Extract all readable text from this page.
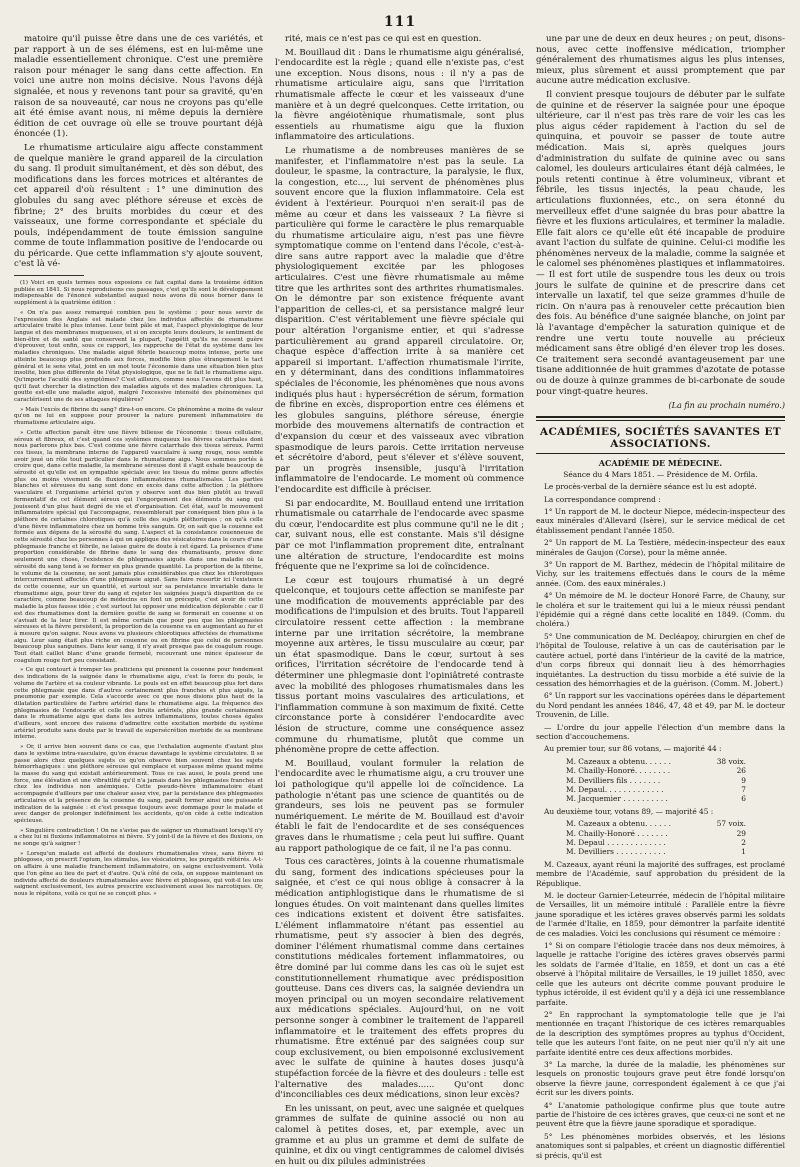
111

matoire qu'il puisse être dans une de ces variétés, et par rapport à un de ses élémens, est en lui-même une maladie essentiellement chronique. C'est une première raison pour ménager le sang dans cette affection. En voici une autre non moins décisive. Nous l'avons déjà signalée, et nous y revenons tant pour sa gravité, qu'en raison de sa nouveauté, car nous ne croyons pas qu'elle ait été émise avant nous, ni même depuis la dernière édition de cet ouvrage où elle se trouve pourtant déjà énoncée (1).

Le rhumatisme articulaire aigu affecte constamment de quelque manière le grand appareil de la circulation du sang. Il produit simultanément, et dès son début, des modifications dans les forces motrices et altérantes de cet appareil d'où résultent : 1° une diminution des globules du sang avec pléthore séreuse et excès de fibrine; 2° des bruits morbides du cœur et des vaisseaux, une forme correspondante et spéciale du pouls, indépendamment de toute émission sanguine comme de toute inflammation positive de l'endocarde ou du péricarde. Que cette inflammation s'y ajoute souvent, c'est là vé-

(1) Voici en quels termes nous exposions ce fait capital dans la troisième édition publiée en 1841. Si nous reproduisons ces passages, c'est qu'ils sont le développement indispensable de l'énoncé substantiel auquel nous avons dû nous borner dans le supplément à la quatrième édition :

« On n'a pas assez remarqué combien peu le système ; pour nous servir de l'expression des Anglais est malade chez les individus affectés de rhumatisme articulaire traité le plus intense. Leur teint pâle et mat, l'aspect physiologique de leur langue et des membranes muqueuses, et si on excepte leurs douleurs, le sentiment de bien-être et de santé que conservent la plupart, l'appétit qu'ils ne cessent guère d'éprouver, tout enfin, sous ce rapport, les rapproche de l'état du système dans les maladies chroniques. Une maladie aiguë fébrile beaucoup moins intense, porte une atteinte beaucoup plus profonde aux forces, modifie bien plus étrangement le tact général et le sens vital, joint en un mot toute l'économie dans une situation bien plus insolite, bien plus différente de l'état physiologique, que ne le fait le rhumatisme aigu. Qu'importe l'acuité des symptômes? C'est ailleurs, comme nous l'avons dit plus haut, qu'il faut chercher la distinction des maladies aiguës et des maladies chroniques. La goutte est-elle une maladie aiguë, malgré l'excessive intensité des phénomènes qui caractérisent une de ses attaques régulières?

» Mais l'excès de fibrine du sang? dira-t-on encore. Ce phénomène a moins de valeur qu'on ne lui en suppose pour prouver la nature purement inflammatoire du rhumatisme articulaire aigu.

» Cette affection paraît être une fièvre bilieuse de l'économie : tissus cellulaire, séreux et fibreux, et c'est quand ces systèmes muqueux les fièvres catarrhales dont nous parlerons plus bas. C'est comme une fièvre catarrhale des tissus séreux. Parmi ces tissus, la membrane interne de l'appareil vasculaire à sang rouge, nous semble avoir joué un rôle tout particulier dans le rhumatisme aigu. Nous sommes portés à croire que, dans cette maladie, la membrane séreuse dont il s'agit exhale beaucoup de sérosité et qu'elle est en sympathie spéciale avec les tissus du même genre affectés plus ou moins vivement de fluxions inflammatoires rhumatismales. Les parties blanches et séreuses du sang sont donc en excès dans cette affection ; la pléthore vasculaire et l'organisme artériel qu'on y observe sont dus bien plutôt au travail fermentatif de cet élément séreux qui l'engorgement des éléments du sang qui jouissent d'un plus haut degré de vie et d'organisation. Cet état, sauf le mouvement inflammatoire spécial qui l'accompagne, ressemblerait par conséquent bien plus à la pléthore de certaines chlorotiques qu'à celle des sujets pléthoriques ; on qu'à celle d'une fièvre inflammatoire chez un homme très sanguin. Or, on sait que la couenne est formée aux dépens de la sérosité du sang. L'aspect et la consistance couenneuse de cette sérosité chez les personnes à qui on applique des vésicatoires dans le cours d'une phlegmasie franche et fébrile, ne laisse guère de doute à cet égard. La présence d'une proportion considérable de fibrine dans le sang des rhumatisants, prouve donc seulement une chose, l'existence de phlegmasies aiguës dans une maladie où la sérosité du sang tend à se former en plus grande quantité. La proportion de la fibrine, le volume de la couenne, ne sont jamais plus considérables que chez les chlorotiques intercurremment affectés d'une phlegmasie aiguë. Sans faire ressortir ici l'existence de cette couenne, sur un quantité, et surtout sur sa persistance invariable dans le rhumatisme aigu, pour tirer du sang et rejeter les saignées jusqu'à disparition de ce caractère, comme beaucoup de médecins en font un précepte, c'est avoir de cette maladie la plus fausse idée ; c'est surtout lui opposer une médication déplorable : car il est des rhumatismes dont la dernière goutte de sang se formerait en couenne si on s'avisait de la leur tirer. Il est même certain que pour peu que les phlegmasies séreuses et la fièvre persistent, la proportion de la couenne va en augmentant au fur et à mesure qu'on saigne. Nous avons vu plusieurs chlorotiques affectées de rhumatisme aigu. Leur sang était plus riche en couenne ou en fibrine que celui de personnes beaucoup plus sanguines. Dans leur sang, il n'y avait presque pas de coagulum rouge. Tout était caillot blanc d'une grande fermeté, recouvrant une mince épaisseur de coagulum rouge fort peu consistant.

» Ce qui contourt à tromper les praticiens qui prennent la couenne pour fondement des indications de la saignée dans le rhumatisme aigu, c'est la force du pouls, le volume de l'artère et sa couleur vibrante. Le pouls est en effet beaucoup plus fort dans cette phlegmasie que dans d'autres certainement plus franches et plus aiguës, la pneumonie par exemple. Cela s'accorde avec ce que nous disions plus haut de la dilatation particulière de l'arbre artériel dans le rhumatisme aigu. La fréquence des phlegmasies de l'endocarde et celle des bruits artériels, plus grande certainement dans le rhumatisme aigu que dans les autres inflammations, toutes choses égales d'ailleurs, sont encore des raisons d'admettre cette excitation morbide du système artériel produite sans doute par le travail de supersécrétion morbide de sa membrane interne.

» Or, il arrive bien souvent dans ce cas, que l'exhalation augmente d'autant plus dans le système intra-vasculaire, qu'on évacue davantage le système circulatoire. Il se passe alors chez quelques sujets ce qu'on observe bien souvent chez les sujets hémorrhagiques : une pléthore séreuse qui remplace et surpasse même quand même la masse du sang qui existait antérieurement. Tous ce cas aussi, le pouls prend une force, une élévation et une vibratilité qu'il n'a jamais dans les phlegmasies franches et chez les individus non anémiques. Cette pseudo-fièvre inflammatoire étant accompagnée d'ailleurs par une chaleur assez vive, par la persistance des phlegmasies articulaires et la présence de la couenne du sang, paraît former ainsi une puissante indication de la saignée : et c'est presque toujours avec dommage pour le malade et avec danger de prolonger indéfiniment les accidents, qu'on cède à cette indication spécieuse.

» Singulière contradiction ! On ne s'avise pas de saigner un rhumatisant lorsqu'il n'y a chez lui ni fluxions inflammatoires ni fièvre. S'y joint-il de la fièvre et des fluxions, on ne songe qu'à saigner !

» Lorsqu'un malade est affecté de douleurs rhumatismales vives, sans fièvre ni phlogoses, on prescrit l'opium, les stimulus, les vésicatoires, les purgatifs réitérés. A-t-on affaire à une maladie franchement inflammatoire, on saigne exclusivement. Voilà que l'on gêne au lieu de part et d'autre. Qu'à côté de cela, on suppose maintenant un individu affecté de douleurs rhumatismales avec fièvre et phlogoses, qui voit-il les uns saignent exclusivement, les autres prescrire exclusivement aussi les narcotiques. Or, nous le répétons, voilà ce qui ne se conçoit plus. »

rité, mais ce n'est pas ce qui est en question.

M. Bouillaud dit : Dans le rhumatisme aigu généralisé, l'endocardite est la règle ; quand elle n'existe pas, c'est une exception. Nous disons, nous : il n'y a pas de rhumatisme articulaire aigu, sans que l'irritation rhumatismale affecte le cœur et les vaisseaux d'une manière et à un degré quelconques. Cette irritation, ou la fièvre angéiotènique rhumatismale, sont plus essentiels au rhumatisme aigu que la fluxion inflammatoire des articulations.

Le rhumatisme a de nombreuses manières de se manifester, et l'inflammatoire n'est pas la seule. La douleur, le spasme, la contracture, la paralysie, le flux, la congestion, etc..., lui servent de phénomènes plus souvent encore que la fluxion inflammatoire. Cela est évident à l'extérieur. Pourquoi n'en serait-il pas de même au cœur et dans les vaisseaux ? La fièvre si particulière qui forme le caractère le plus remarquable du rhumatisme articulaire aigu, n'est pas une fièvre symptomatique comme on l'entend dans l'école, c'est-à-dire sans autre rapport avec la maladie que d'être physiologiquement excitée par les phlogoses articulaires. C'est une fièvre rhumatismale au même titre que les arthrites sont des arthrites rhumatismales. On le démontre par son existence fréquente avant l'apparition de celles-ci, et sa persistance malgré leur disparition. C'est véritablement une fièvre spéciale qui pour altération l'organisme entier, et qui s'adresse particulièrement au grand appareil circulatoire. Or, chaque espèce d'affection irrite à sa manière cet appareil si important. L'affection rhumatismale l'irrite, en y déterminant, dans des conditions inflammatoires spéciales de l'économie, les phénomènes que nous avons indiqués plus haut : hypersécrétion de sérum, formation de fibrine en excès, disproportion entre ces élémens et les globules sanguins, pléthore séreuse, énergie morbide des mouvemens alternatifs de contraction et d'expansion du cœur et des vaisseaux avec vibration spasmodique de leurs parois. Cette irritation nerveuse et sécrétoire d'abord, peut s'élever et s'élève souvent, par un progrès insensible, jusqu'à l'irritation inflammatoire de l'endocarde. Le moment où commence l'endocardite est difficile à préciser.

Si par endocardite, M. Bouillaud entend une irritation rhumatismale ou catarrhale de l'endocarde avec spasme du cœur, l'endocardite est plus commune qu'il ne le dit ; car, suivant nous, elle est constante. Mais s'il désigne par ce mot l'inflammation proprement dite, entraînant une altération de structure, l'endocardite est moins fréquente que ne l'exprime sa loi de coïncidence.

Le cœur est toujours rhumatisé à un degré quelconque, et toujours cette affection se manifeste par une modification de mouvements appréciable par des modifications de l'impulsion et des bruits. Tout l'appareil circulatoire ressent cette affection : la membrane interne par une irritation sécrétoire, la membrane moyenne aux artères, le tissu musculaire au cœur, par un état spasmodique. Dans le cœur, surtout à ses orifices, l'irritation sécrétoire de l'endocarde tend à déterminer une phlegmasie dont l'opiniâtreté contraste avec la mobilité des phlogoses rhumatismales dans les tissus portant moins vasculaires des articulations, et l'inflammation commune à son maximum de fixité. Cette circonstance porte à considérer l'endocardite avec lésion de structure, comme une conséquence assez commune du rhumatisme, plutôt que comme un phénomène propre de cette affection.

M. Bouillaud, voulant formuler la relation de l'endocardite avec le rhumatisme aigu, a cru trouver une loi pathologique qu'il appelle loi de coïncidence. La pathologie n'étant pas une science de quantités ou de grandeurs, ses lois ne peuvent pas se formuler numériquement. Le mérite de M. Bouillaud est d'avoir établi le fait de l'endocardite et de ses conséquences graves dans le rhumatisme ; cela peut lui suffire. Quant au rapport pathologique de ce fait, il ne l'a pas connu.

Tous ces caractères, joints à la couenne rhumatismale du sang, forment des indications spécieuses pour la saignée, et c'est ce qui nous oblige à consacrer à la médication antiphlogistique dans le rhumatisme de si longues études. On voit maintenant dans quelles limites ces indications existent et doivent être satisfaites. L'élément inflammatoire n'étant pas essentiel au rhumatisme, peut s'y associer à bien des degrés, dominer l'élément rhumatismal comme dans certaines constitutions médicales fortement inflammatoires, ou être dominé par lui comme dans les cas où le sujet est constitutionnellement rhumatique avec prédisposition goutteuse. Dans ces divers cas, la saignée deviendra un moyen principal ou un moyen secondaire relativement aux médications spéciales. Aujourd'hui, on ne voit personne songer à combiner le traitement de l'appareil inflammatoire et le traitement des effets propres du rhumatisme. Être exténué par des saignées coup sur coup exclusivement, ou bien empoisonné exclusivement avec le sulfate de quinine à hautes doses jusqu'à stupéfaction forcée de la fièvre et des douleurs : telle est l'alternative des malades...... Qu'ont donc d'inconciliables ces deux médications, sinon leur excès?

En les unissant, on peut, avec une saignée et quelques grammes de sulfate de quinine associé ou non au calomel à petites doses, et, par exemple, avec un gramme et au plus un gramme et demi de sulfate de quinine, et dix ou vingt centigrammes de calomel divisés en huit ou dix pilules administrées

une par une de deux en deux heures ; on peut, disons-nous, avec cette inoffensive médication, triompher généralement des rhumatismes aigus les plus intenses, mieux, plus sûrement et aussi promptement que par aucune autre médication exclusive.

Il convient presque toujours de débuter par le sulfate de quinine et de réserver la saignée pour une époque ultérieure, car il n'est pas très rare de voir les cas les plus aigus céder rapidement à l'action du sel de quinquina, et pouvoir se passer de toute autre médication. Mais si, après quelques jours d'administration du sulfate de quinine avec ou sans calomel, les douleurs articulaires étant déjà calmées, le pouls retenti continue à être volumineux, vibrant et fébrile, les tissus injectés, la peau chaude, les articulations fluxionnées, etc., on sera étonné du merveilleux effet d'une saignée du bras pour abattre la fièvre et les fluxions articulaires, et terminer la maladie. Elle fait alors ce qu'elle eût été incapable de produire avant l'action du sulfate de quinine. Celui-ci modifie les phénomènes nerveux de la maladie, comme la saignée et le calomel ses phénomènes plastiques et inflammatoires. — Il est fort utile de suspendre tous les deux ou trois jours le sulfate de quinine et de prescrire dans cet intervalle un laxatif, tel que seize grammes d'huile de ricin. On n'aura pas à renouveler cette précaution bien des fois. Au bénéfice d'une saignée blanche, on joint par là l'avantage d'empêcher la saturation quinique et de rendre une vertu toute nouvelle au précieux médicament sans être obligé d'en élever trop les doses. Ce traitement sera secondé avantageusement par une tisane additionnée de huit grammes d'azotate de potasse ou de douze à quinze grammes de bi-carbonate de soude pour vingt-quatre heures.

(La fin au prochain numéro.)
ACADÉMIES, SOCIÉTÉS SAVANTES ET ASSOCIATIONS.
ACADÉMIE DE MÉDECINE.
Séance du 4 Mars 1851. — Présidence de M. Orfila.

Le procès-verbal de la dernière séance est lu est adopté.

La correspondance comprend :

1° Un rapport de M. le docteur Niepce, médecin-inspecteur des eaux minérales d'Allevard (Isère), sur le service médical de cet établissement pendant l'année 1850.

2° Un rapport de M. La Testière, médecin-inspecteur des eaux minérales de Gaujon (Corse), pour la même année.

3° Un rapport de M. Barthez, médecin de l'hôpital militaire de Vichy, sur les traitemens effectués dans le cours de la même année. (Com. des eaux minérales.)

4° Un mémoire de M. le docteur Honoré Farre, de Chauny, sur le choléra et sur le traitement qui lui a le mieux réussi pendant l'épidémie qui a régné dans cette localité en 1849. (Comm. du choléra.)

5° Une communication de M. Decléapoy, chirurgien en chef de l'hôpital de Toulouse, relative à un cas de cautérisation par le cautère actuel, porté dans l'intérieur de la cavité de la matrice, d'un corps fibreux qui donnait lieu à des hémorrhagies inquiétantes. La destruction du tissu morbide a été suivie de la cessation des hémorrhagies et de la guérison. (Comm. M. Jobert.)

6° Un rapport sur les vaccinations opérées dans le département du Nord pendant les années 1846, 47, 48 et 49, par M. le docteur Trouvenin, de Lille.

— L'ordre du jour appelle l'élection d'un membre dans la section d'accouchemens.

Au premier tour, sur 86 votans, — majorité 44 :

M. Cazeaux a obtenu. . . . . .	38 voix.
M. Chailly-Honoré. . . . . . . .	26
M. Devilliers fils . . . . . . .	9
M. Depaul. . . . . . . . . . . . .	7
M. Jacquemier . . . . . . . . . .	6

Au deuxième tour, votans 89, — majorité 45 :

M. Cazeaux a obtenu. . . . . .	57 voix.
M. Chailly-Honoré . . . . . . .	29
M. Depaul . . . . . . . . . . . . .	2
M. Devilliers . . . . . . . . . . .	1

M. Cazeaux, ayant réuni la majorité des suffrages, est proclamé membre de l'Académie, sauf approbation du président de la République.

M. le docteur Garnier-Leteurrée, médecin de l'hôpital militaire de Versailles, lit un mémoire intitulé : Parallèle entre la fièvre jaune sporadique et les ictères graves observés parmi les soldats de l'armée d'Italie, en 1859, pour démontrer la parfaite identité de ces maladies. Voici les conclusions qui résument ce mémoire :

1° Si on compare l'étiologie tracée dans nos deux mémoires, à laquelle je rattache l'origine des ictères graves observés parmi les soldats de l'armée d'Italie, en 1859, et dont un cas a été observé à l'hôpital militaire de Versailles, le 19 juillet 1850, avec celle que les auteurs ont décrite comme pouvant produire le typhus ictéroïde, il est évident qu'il y a déjà ici une ressemblance parfaite.

2° En rapprochant la symptomatologie telle que je l'ai mentionnée en traçant l'historique de ces ictères remarquables de la description des symptômes propres au typhus d'Occident, telle que les auteurs l'ont faite, on ne peut nier qu'il n'y ait une parfaite identité entre ces deux affections morbides.

3° La marche, la durée de la maladie, les phénomènes sur lesquels on pronostic toujours grave peut être fondé lorsqu'on observe la fièvre jaune, correspondent également à ce que j'ai écrit sur les divers points.

4° L'anatomie pathologique confirme plus que toute autre partie de l'histoire de ces ictères graves, que ceux-ci ne sont et ne peuvent être que la fièvre jaune sporadique et sporadique.

5° Les phénomènes morbides observés, et les lésions anatomiques sont si palpables, et créent un diagnostic différentiel si précis, qu'il est
